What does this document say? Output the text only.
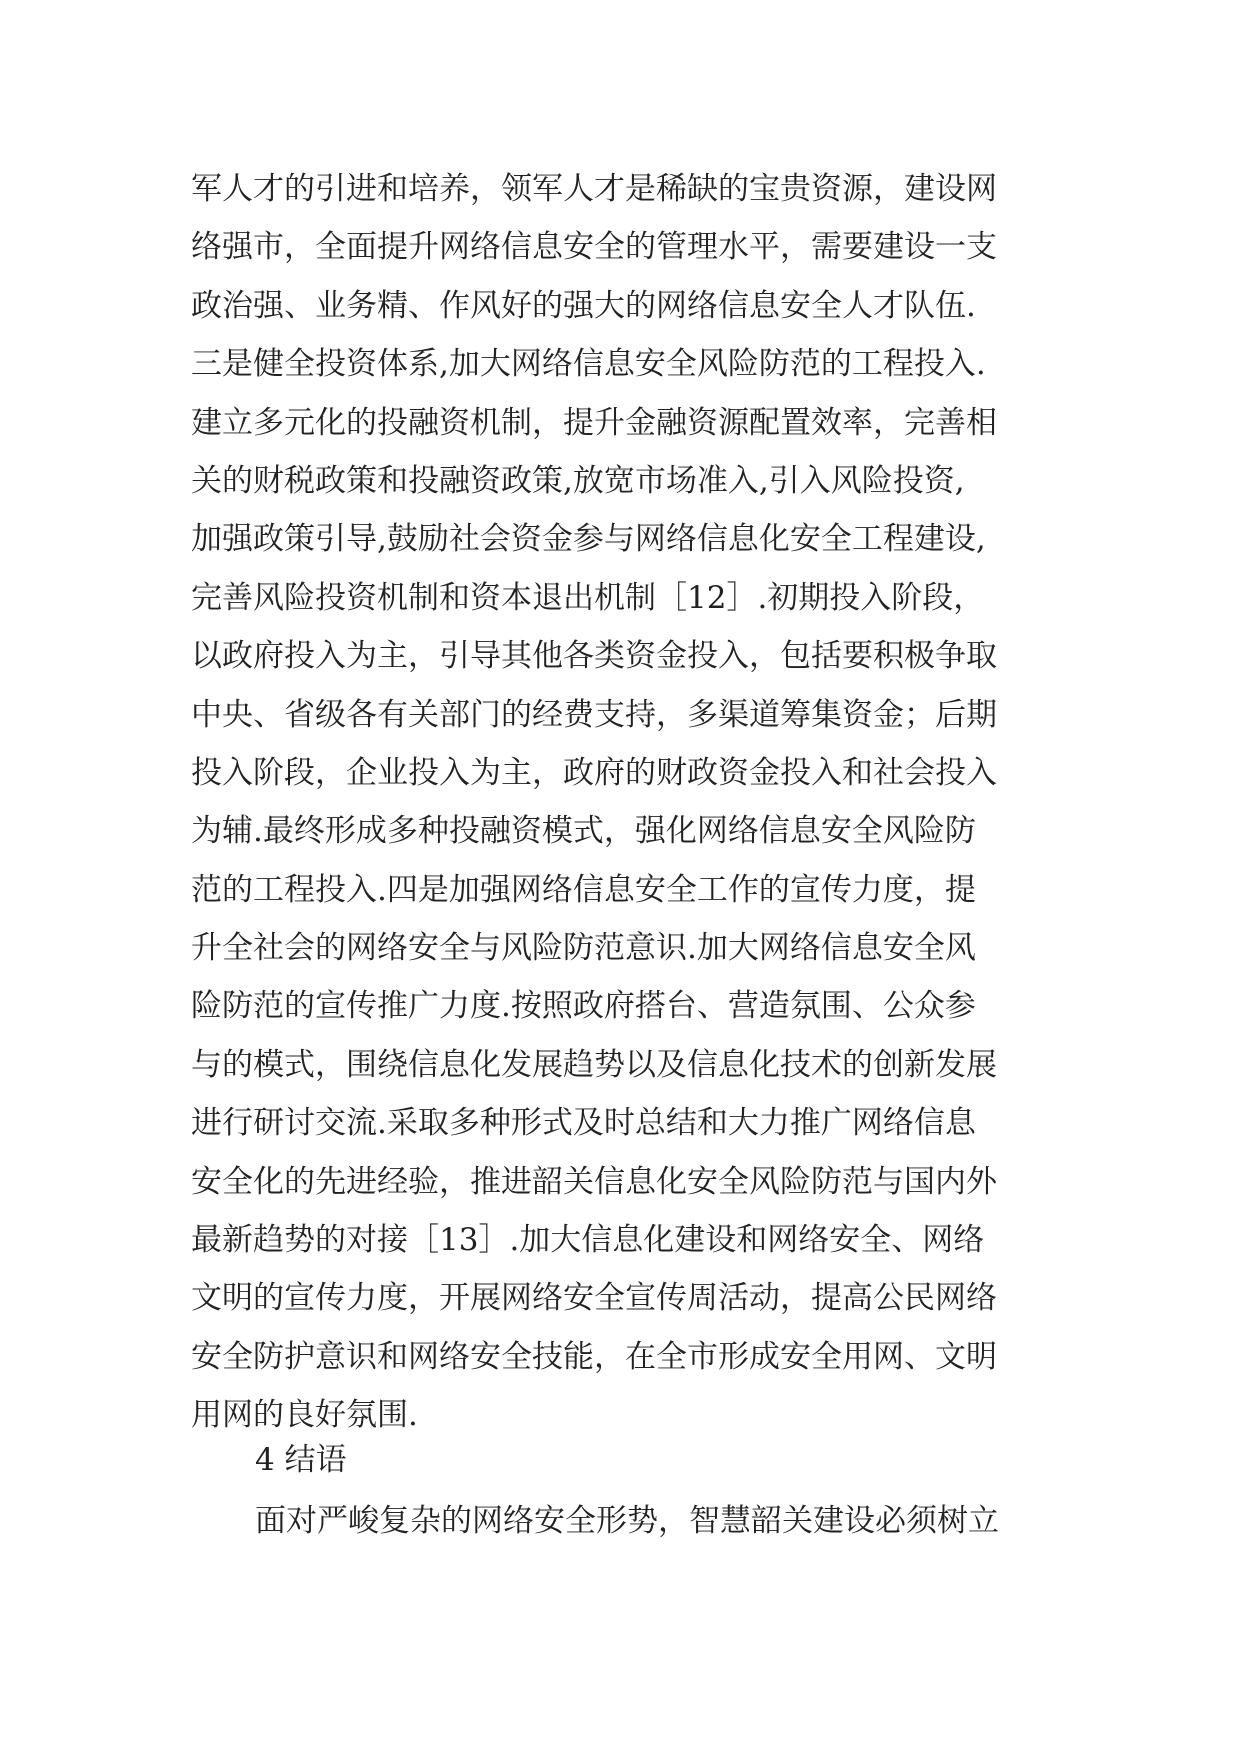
军人才的引进和培养，领军人才是稀缺的宝贵资源，建设网
络强市，全面提升网络信息安全的管理水平，需要建设一支
政治强、业务精、作风好的强大的网络信息安全人才队伍.
三是健全投资体系,加大网络信息安全风险防范的工程投入.
建立多元化的投融资机制，提升金融资源配置效率，完善相
关的财税政策和投融资政策,放宽市场准入,引入风险投资,
加强政策引导,鼓励社会资金参与网络信息化安全工程建设,
完善风险投资机制和资本退出机制［12］.初期投入阶段，
以政府投入为主，引导其他各类资金投入，包括要积极争取
中央、省级各有关部门的经费支持，多渠道筹集资金；后期
投入阶段，企业投入为主，政府的财政资金投入和社会投入
为辅.最终形成多种投融资模式，强化网络信息安全风险防
范的工程投入.四是加强网络信息安全工作的宣传力度，提
升全社会的网络安全与风险防范意识.加大网络信息安全风
险防范的宣传推广力度.按照政府搭台、营造氛围、公众参
与的模式，围绕信息化发展趋势以及信息化技术的创新发展
进行研讨交流.采取多种形式及时总结和大力推广网络信息
安全化的先进经验，推进韶关信息化安全风险防范与国内外
最新趋势的对接［13］.加大信息化建设和网络安全、网络
文明的宣传力度，开展网络安全宣传周活动，提高公民网络
安全防护意识和网络安全技能，在全市形成安全用网、文明
用网的良好氛围.
4 结语
面对严峻复杂的网络安全形势，智慧韶关建设必须树立
